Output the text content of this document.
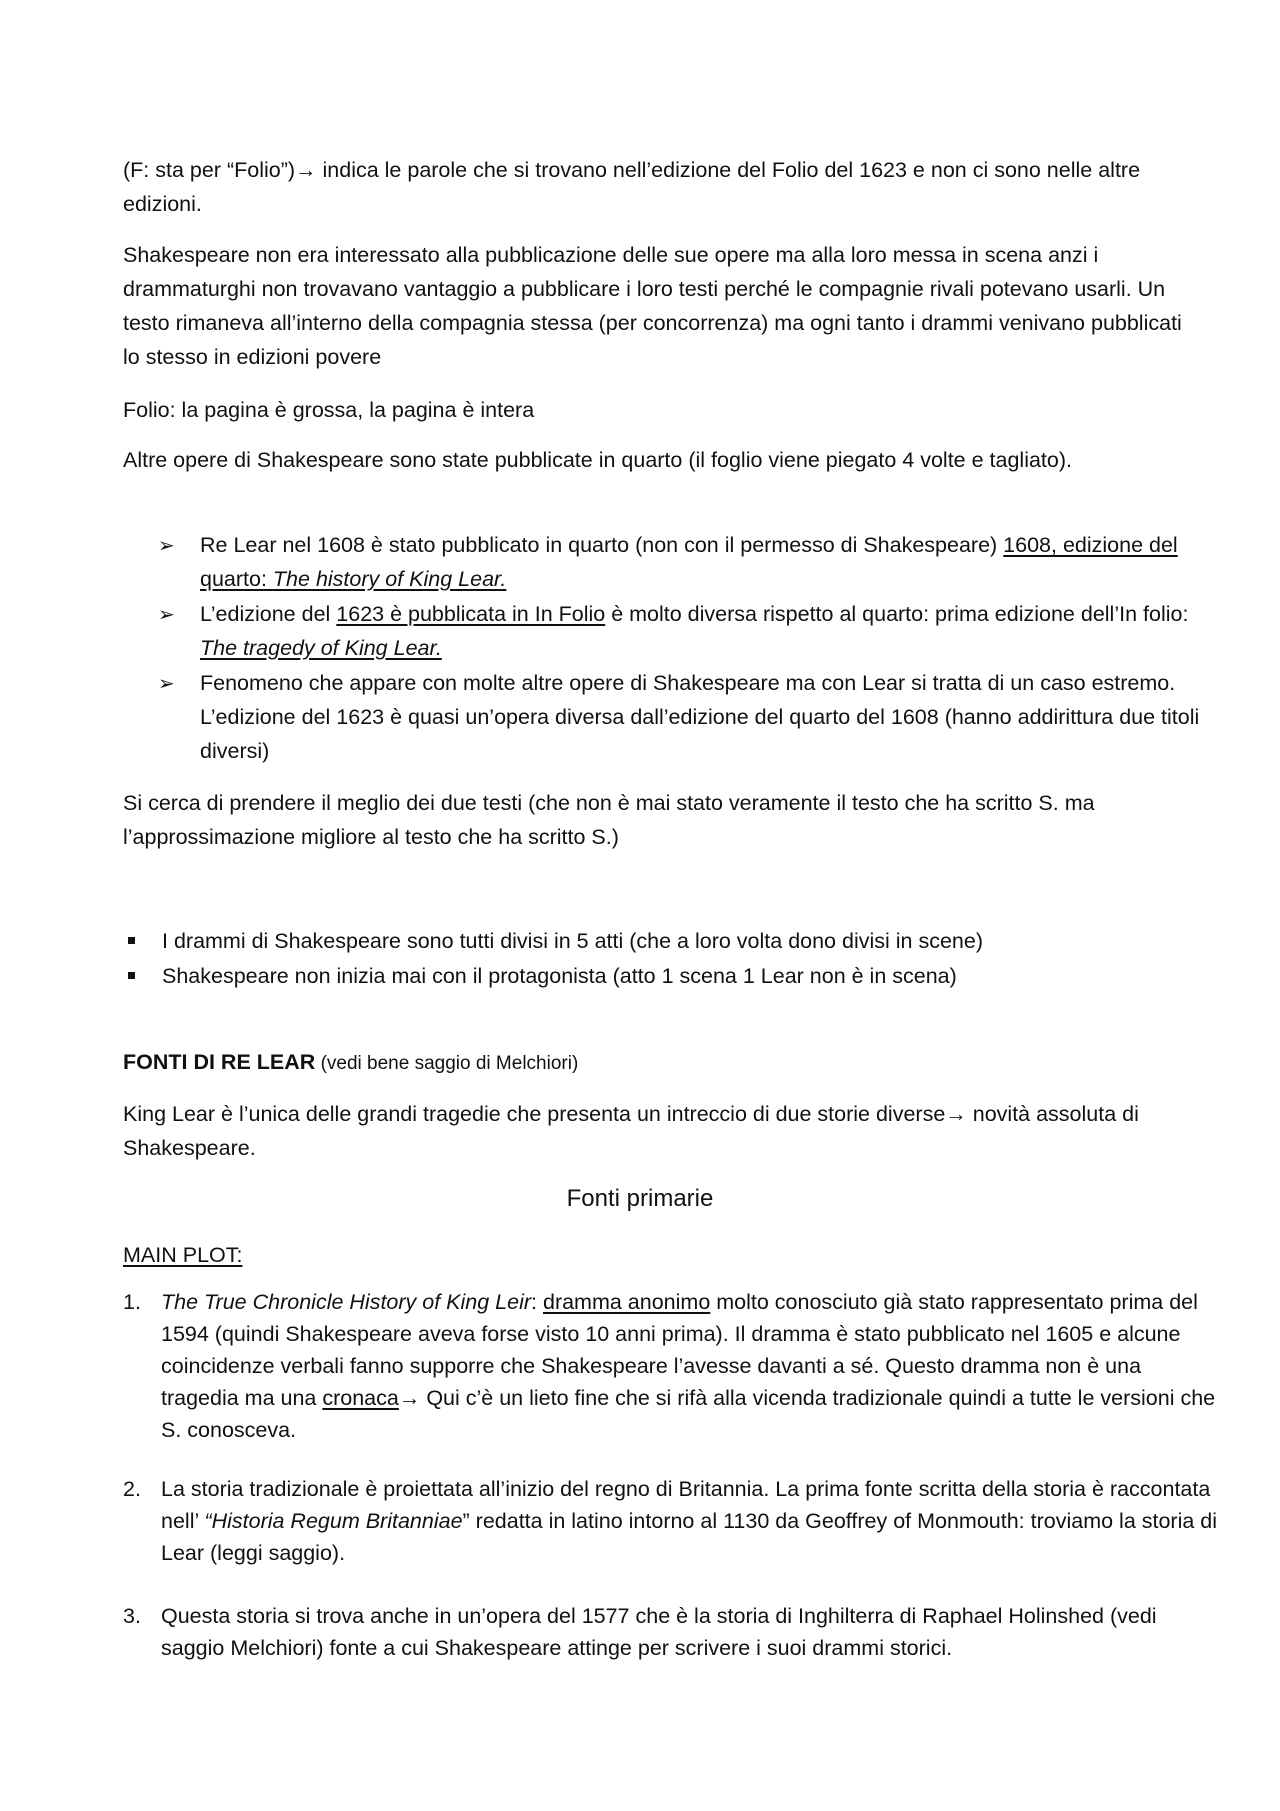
(F: sta per “Folio”)→ indica le parole che si trovano nell’edizione del Folio del 1623 e non ci sono nelle altre edizioni.

Shakespeare non era interessato alla pubblicazione delle sue opere ma alla loro messa in scena anzi i drammaturghi non trovavano vantaggio a pubblicare i loro testi perché le compagnie rivali potevano usarli. Un testo rimaneva all’interno della compagnia stessa (per concorrenza) ma ogni tanto i drammi venivano pubblicati lo stesso in edizioni povere

Folio: la pagina è grossa, la pagina è intera

Altre opere di Shakespeare sono state pubblicate in quarto (il foglio viene piegato 4 volte e tagliato).

➢	Re Lear nel 1608 è stato pubblicato in quarto (non con il permesso di Shakespeare) 1608, edizione del quarto: The history of King Lear.
➢	L’edizione del 1623 è pubblicata in In Folio è molto diversa rispetto al quarto: prima edizione dell’In folio: The tragedy of King Lear.
➢	Fenomeno che appare con molte altre opere di Shakespeare ma con Lear si tratta di un caso estremo. L’edizione del 1623 è quasi un’opera diversa dall’edizione del quarto del 1608 (hanno addirittura due titoli diversi)

Si cerca di prendere il meglio dei due testi (che non è mai stato veramente il testo che ha scritto S. ma l’approssimazione migliore al testo che ha scritto S.)

I drammi di Shakespeare sono tutti divisi in 5 atti (che a loro volta dono divisi in scene)
Shakespeare non inizia mai con il protagonista (atto 1 scena 1 Lear non è in scena)

FONTI DI RE LEAR (vedi bene saggio di Melchiori)

King Lear è l’unica delle grandi tragedie che presenta un intreccio di due storie diverse→ novità assoluta di Shakespeare.

Fonti primarie

MAIN PLOT:

1. The True Chronicle History of King Leir: dramma anonimo molto conosciuto già stato rappresentato prima del 1594 (quindi Shakespeare aveva forse visto 10 anni prima). Il dramma è stato pubblicato nel 1605 e alcune coincidenze verbali fanno supporre che Shakespeare l’avesse davanti a sé. Questo dramma non è una tragedia ma una cronaca→ Qui c’è un lieto fine che si rifà alla vicenda tradizionale quindi a tutte le versioni che S. conosceva.
2. La storia tradizionale è proiettata all’inizio del regno di Britannia. La prima fonte scritta della storia è raccontata nell’ “Historia Regum Britanniae” redatta in latino intorno al 1130 da Geoffrey of Monmouth: troviamo la storia di Lear (leggi saggio).
3. Questa storia si trova anche in un’opera del 1577 che è la storia di Inghilterra di Raphael Holinshed (vedi saggio Melchiori) fonte a cui Shakespeare attinge per scrivere i suoi drammi storici.
